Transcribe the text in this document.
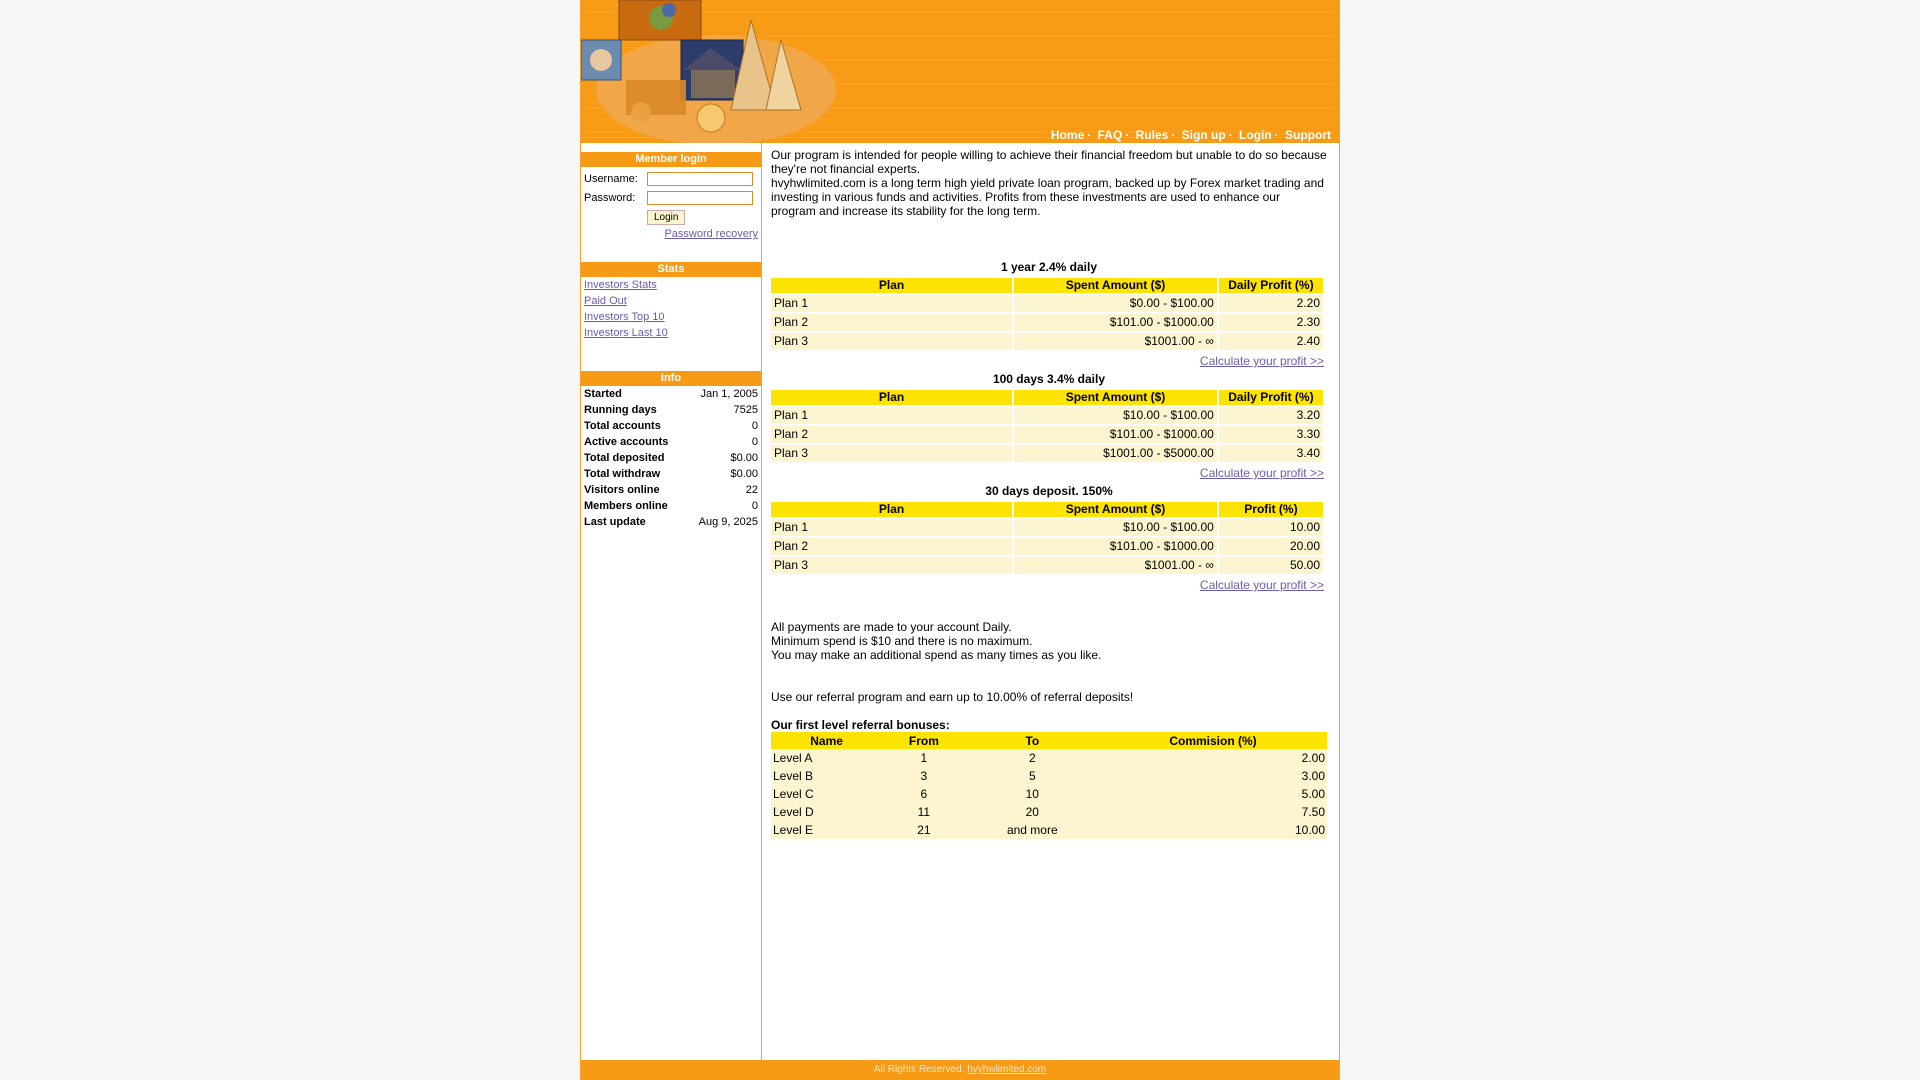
Home · FAQ · Rules · Sign up · Login · Support
Member login
Username:
Password:
Login
Password recovery
Stats
Investors Stats
Paid Out
Investors Top 10
Investors Last 10
Info
Started	Jan 1, 2005
Running days	7525
Total accounts	0
Active accounts	0
Total deposited	$0.00
Total withdraw	$0.00
Visitors online	22
Members online	0
Last update	Aug 9, 2025

Our program is intended for people willing to achieve their financial freedom but unable to do so because they're not financial experts.

hvyhwlimited.com is a long term high yield private loan program, backed up by Forex market trading and investing in various funds and activities. Profits from these investments are used to enhance our program and increase its stability for the long term.

1 year 2.4% daily
Plan	Spent Amount ($)	Daily Profit (%)
Plan 1	$0.00 - $100.00	2.20
Plan 2	$101.00 - $1000.00	2.30
Plan 3	$1001.00 - ∞	2.40
Calculate your profit >>
100 days 3.4% daily
Plan	Spent Amount ($)	Daily Profit (%)
Plan 1	$10.00 - $100.00	3.20
Plan 2	$101.00 - $1000.00	3.30
Plan 3	$1001.00 - $5000.00	3.40
Calculate your profit >>
30 days deposit. 150%
Plan	Spent Amount ($)	Profit (%)
Plan 1	$10.00 - $100.00	10.00
Plan 2	$101.00 - $1000.00	20.00
Plan 3	$1001.00 - ∞	50.00
Calculate your profit >>

All payments are made to your account Daily.

Minimum spend is $10 and there is no maximum.

You may make an additional spend as many times as you like.

Use our referral program and earn up to 10.00% of referral deposits!

Our first level referral bonuses:

Name	From	To	Commision (%)
Level A	1	2	2.00
Level B	3	5	3.00
Level C	6	10	5.00
Level D	11	20	7.50
Level E	21	and more	10.00
All Rights Reserved. hvyhwlimited.com
